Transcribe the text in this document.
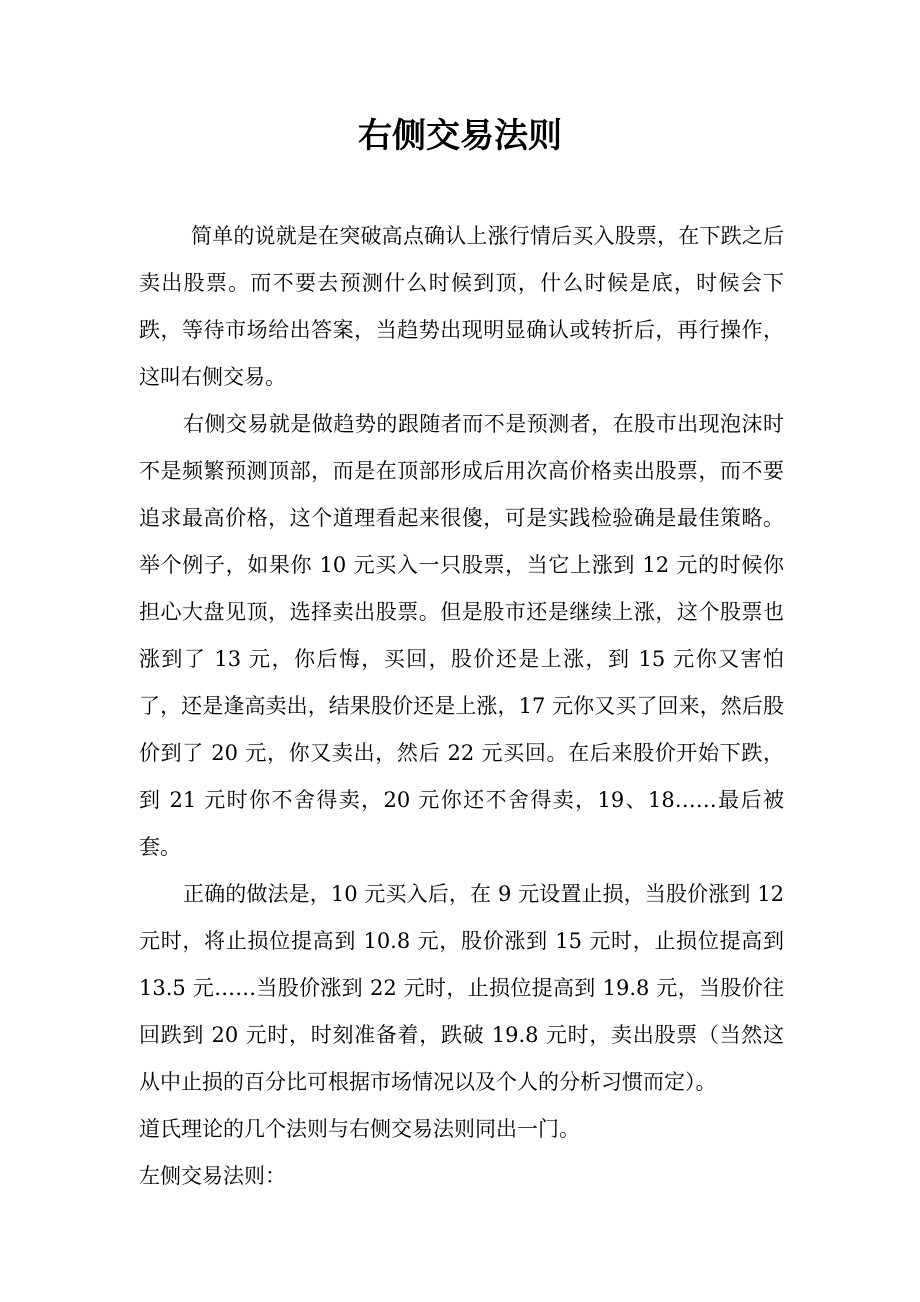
右侧交易法则

简单的说就是在突破高点确认上涨行情后买入股票，在下跌之后卖出股票。而不要去预测什么时候到顶，什么时候是底，时候会下跌，等待市场给出答案，当趋势出现明显确认或转折后，再行操作，这叫右侧交易。

右侧交易就是做趋势的跟随者而不是预测者，在股市出现泡沫时不是频繁预测顶部，而是在顶部形成后用次高价格卖出股票，而不要追求最高价格，这个道理看起来很傻，可是实践检验确是最佳策略。举个例子，如果你 10 元买入一只股票，当它上涨到 12 元的时候你担心大盘见顶，选择卖出股票。但是股市还是继续上涨，这个股票也涨到了 13 元，你后悔，买回，股价还是上涨，到 15 元你又害怕了，还是逢高卖出，结果股价还是上涨，17 元你又买了回来，然后股价到了 20 元，你又卖出，然后 22 元买回。在后来股价开始下跌，到 21 元时你不舍得卖，20 元你还不舍得卖，19、18……最后被套。

正确的做法是，10 元买入后，在 9 元设置止损，当股价涨到 12 元时，将止损位提高到 10.8 元，股价涨到 15 元时，止损位提高到 13.5 元……当股价涨到 22 元时，止损位提高到 19.8 元，当股价往回跌到 20 元时，时刻准备着，跌破 19.8 元时，卖出股票（当然这从中止损的百分比可根据市场情况以及个人的分析习惯而定）。

道氏理论的几个法则与右侧交易法则同出一门。

左侧交易法则：
